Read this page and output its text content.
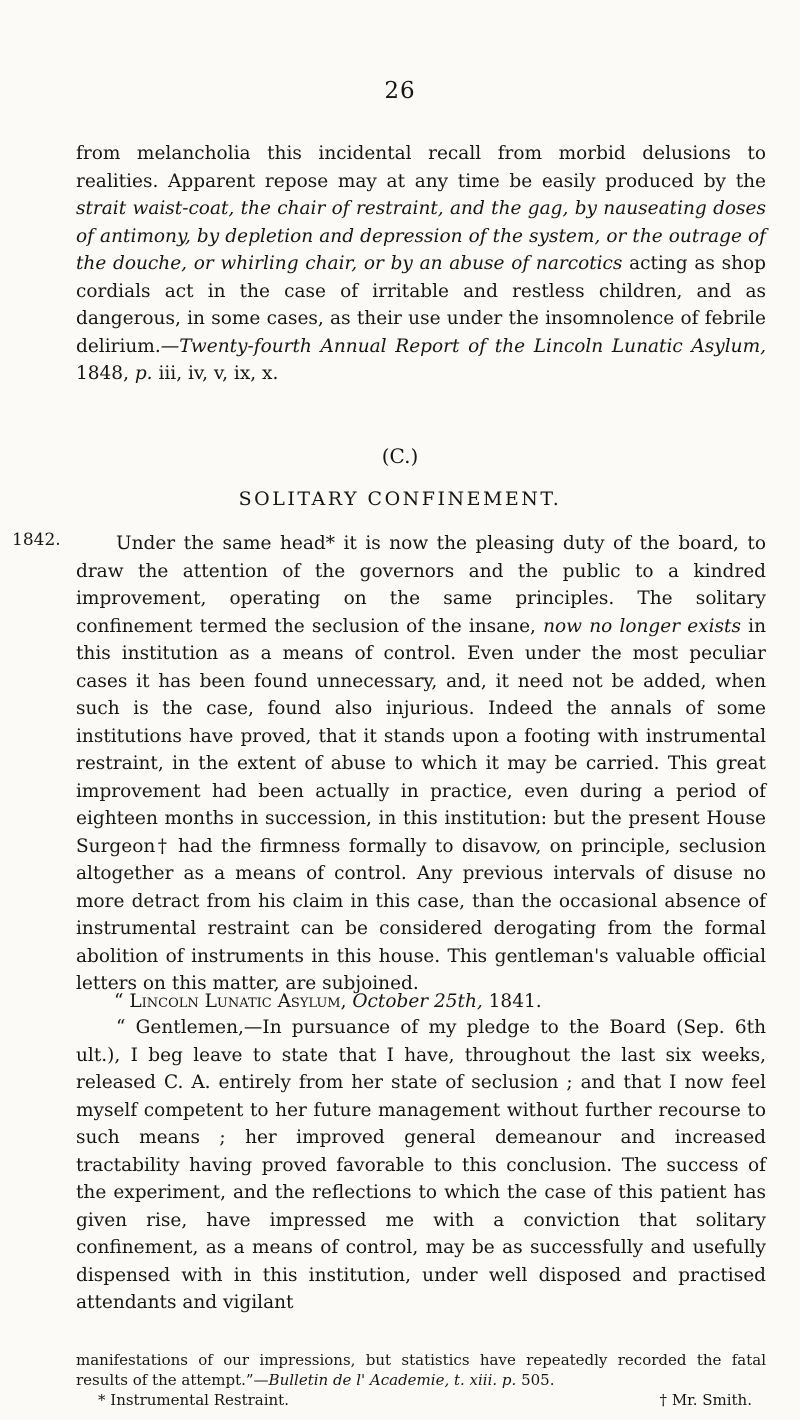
26

from melancholia this incidental recall from morbid delusions to realities. Apparent repose may at any time be easily produced by the strait waist-coat, the chair of restraint, and the gag, by nauseating doses of antimony, by depletion and depression of the system, or the outrage of the douche, or whirling chair, or by an abuse of narcotics acting as shop cordials act in the case of irritable and restless children, and as dangerous, in some cases, as their use under the insomnolence of febrile delirium.—Twenty-fourth Annual Report of the Lincoln Lunatic Asylum, 1848, p. iii, iv, v, ix, x.

(C.)
SOLITARY CONFINEMENT.
1842.	Under the same head* it is now the pleasing duty of the board, to draw the attention of the governors and the public to a kindred improvement, operating on the same principles. The solitary confinement termed the seclusion of the insane, now no longer exists in this institution as a means of control. Even under the most peculiar cases it has been found unnecessary, and, it need not be added, when such is the case, found also injurious. Indeed the annals of some institutions have proved, that it stands upon a footing with instrumental restraint, in the extent of abuse to which it may be carried. This great improvement had been actually in practice, even during a period of eighteen months in succession, in this institution: but the present House Surgeon† had the firmness formally to disavow, on principle, seclusion altogether as a means of control. Any previous intervals of disuse no more detract from his claim in this case, than the occasional absence of instrumental restraint can be considered derogating from the formal abolition of instruments in this house. This gentleman's valuable official letters on this matter, are subjoined.

“ Lincoln Lunatic Asylum, October 25th, 1841.

“ Gentlemen,—In pursuance of my pledge to the Board (Sep. 6th ult.), I beg leave to state that I have, throughout the last six weeks, released C. A. entirely from her state of seclusion ; and that I now feel myself competent to her future management without further recourse to such means ; her improved general demeanour and increased tractability having proved favorable to this conclusion. The success of the experiment, and the reflections to which the case of this patient has given rise, have impressed me with a conviction that solitary confinement, as a means of control, may be as successfully and usefully dispensed with in this institution, under well disposed and practised attendants and vigilant

manifestations of our impressions, but statistics have repeatedly recorded the fatal results of the attempt.”—Bulletin de l' Academie, t. xiii. p. 505.

* Instrumental Restraint.	† Mr. Smith.
